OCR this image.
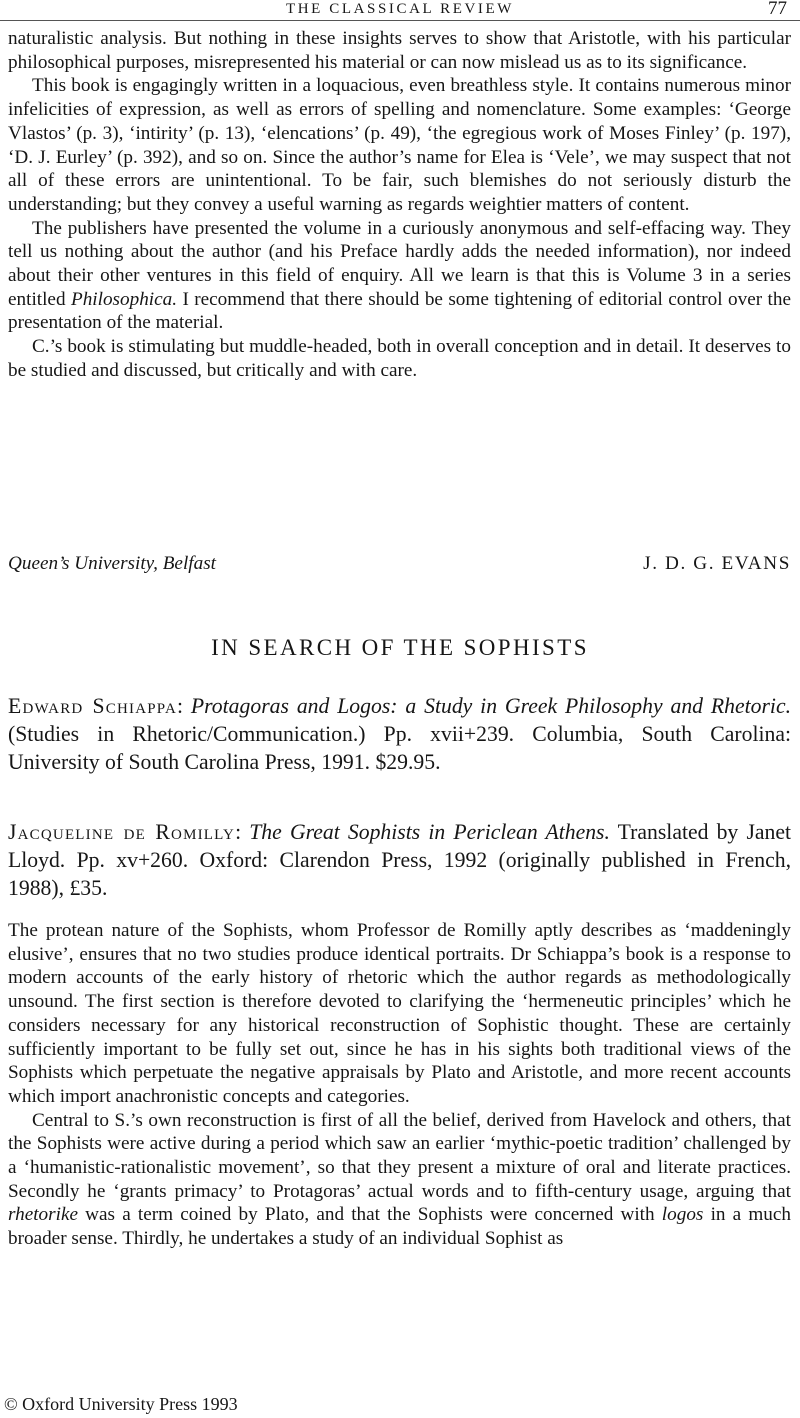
THE CLASSICAL REVIEW	77

naturalistic analysis. But nothing in these insights serves to show that Aristotle, with his particular philosophical purposes, misrepresented his material or can now mislead us as to its significance.

This book is engagingly written in a loquacious, even breathless style. It contains numerous minor infelicities of expression, as well as errors of spelling and nomenclature. Some examples: ‘George Vlastos’ (p. 3), ‘intirity’ (p. 13), ‘elencations’ (p. 49), ‘the egregious work of Moses Finley’ (p. 197), ‘D. J. Eurley’ (p. 392), and so on. Since the author’s name for Elea is ‘Vele’, we may suspect that not all of these errors are unintentional. To be fair, such blemishes do not seriously disturb the understanding; but they convey a useful warning as regards weightier matters of content.

The publishers have presented the volume in a curiously anonymous and self-effacing way. They tell us nothing about the author (and his Preface hardly adds the needed information), nor indeed about their other ventures in this field of enquiry. All we learn is that this is Volume 3 in a series entitled Philosophica. I recommend that there should be some tightening of editorial control over the presentation of the material.

C.’s book is stimulating but muddle-headed, both in overall conception and in detail. It deserves to be studied and discussed, but critically and with care.

Queen’s University, Belfast	J. D. G. EVANS
IN SEARCH OF THE SOPHISTS

Edward Schiappa: Protagoras and Logos: a Study in Greek Philosophy and Rhetoric. (Studies in Rhetoric/Communication.) Pp. xvii+239. Columbia, South Carolina: University of South Carolina Press, 1991. $29.95.

Jacqueline de Romilly: The Great Sophists in Periclean Athens. Translated by Janet Lloyd. Pp. xv+260. Oxford: Clarendon Press, 1992 (originally published in French, 1988), £35.

The protean nature of the Sophists, whom Professor de Romilly aptly describes as ‘maddeningly elusive’, ensures that no two studies produce identical portraits. Dr Schiappa’s book is a response to modern accounts of the early history of rhetoric which the author regards as methodologically unsound. The first section is therefore devoted to clarifying the ‘hermeneutic principles’ which he considers necessary for any historical reconstruction of Sophistic thought. These are certainly sufficiently important to be fully set out, since he has in his sights both traditional views of the Sophists which perpetuate the negative appraisals by Plato and Aristotle, and more recent accounts which import anachronistic concepts and categories.

Central to S.’s own reconstruction is first of all the belief, derived from Havelock and others, that the Sophists were active during a period which saw an earlier ‘mythic-poetic tradition’ challenged by a ‘humanistic-rationalistic movement’, so that they present a mixture of oral and literate practices. Secondly he ‘grants primacy’ to Protagoras’ actual words and to fifth-century usage, arguing that rhetorike was a term coined by Plato, and that the Sophists were concerned with logos in a much broader sense. Thirdly, he undertakes a study of an individual Sophist as

© Oxford University Press 1993
